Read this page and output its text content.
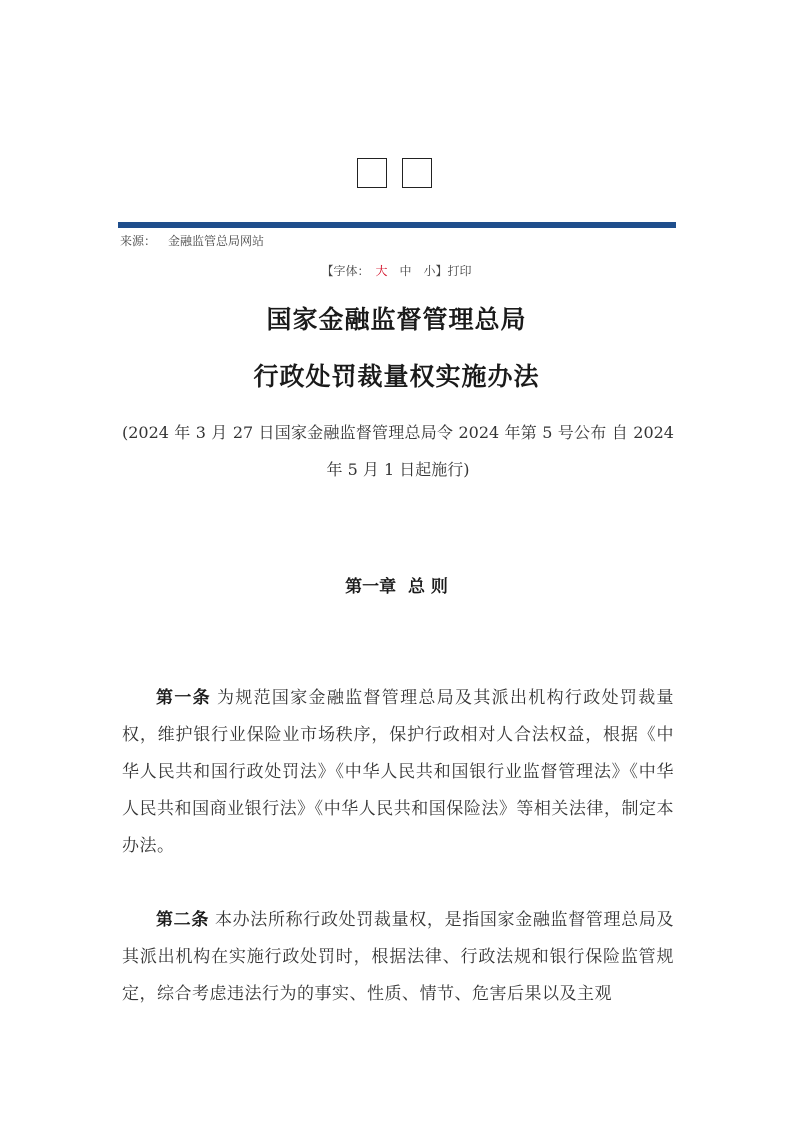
来源： 金融监管总局网站
【字体： 大 中 小】打印
国家金融监督管理总局
行政处罚裁量权实施办法
(2024 年 3 月 27 日国家金融监督管理总局令 2024 年第 5 号公布 自 2024 年 5 月 1 日起施行)
第一章  总 则
第一条 为规范国家金融监督管理总局及其派出机构行政处罚裁量权，维护银行业保险业市场秩序，保护行政相对人合法权益，根据《中华人民共和国行政处罚法》《中华人民共和国银行业监督管理法》《中华人民共和国商业银行法》《中华人民共和国保险法》等相关法律，制定本办法。
第二条 本办法所称行政处罚裁量权，是指国家金融监督管理总局及其派出机构在实施行政处罚时，根据法律、行政法规和银行保险监管规定，综合考虑违法行为的事实、性质、情节、危害后果以及主观
